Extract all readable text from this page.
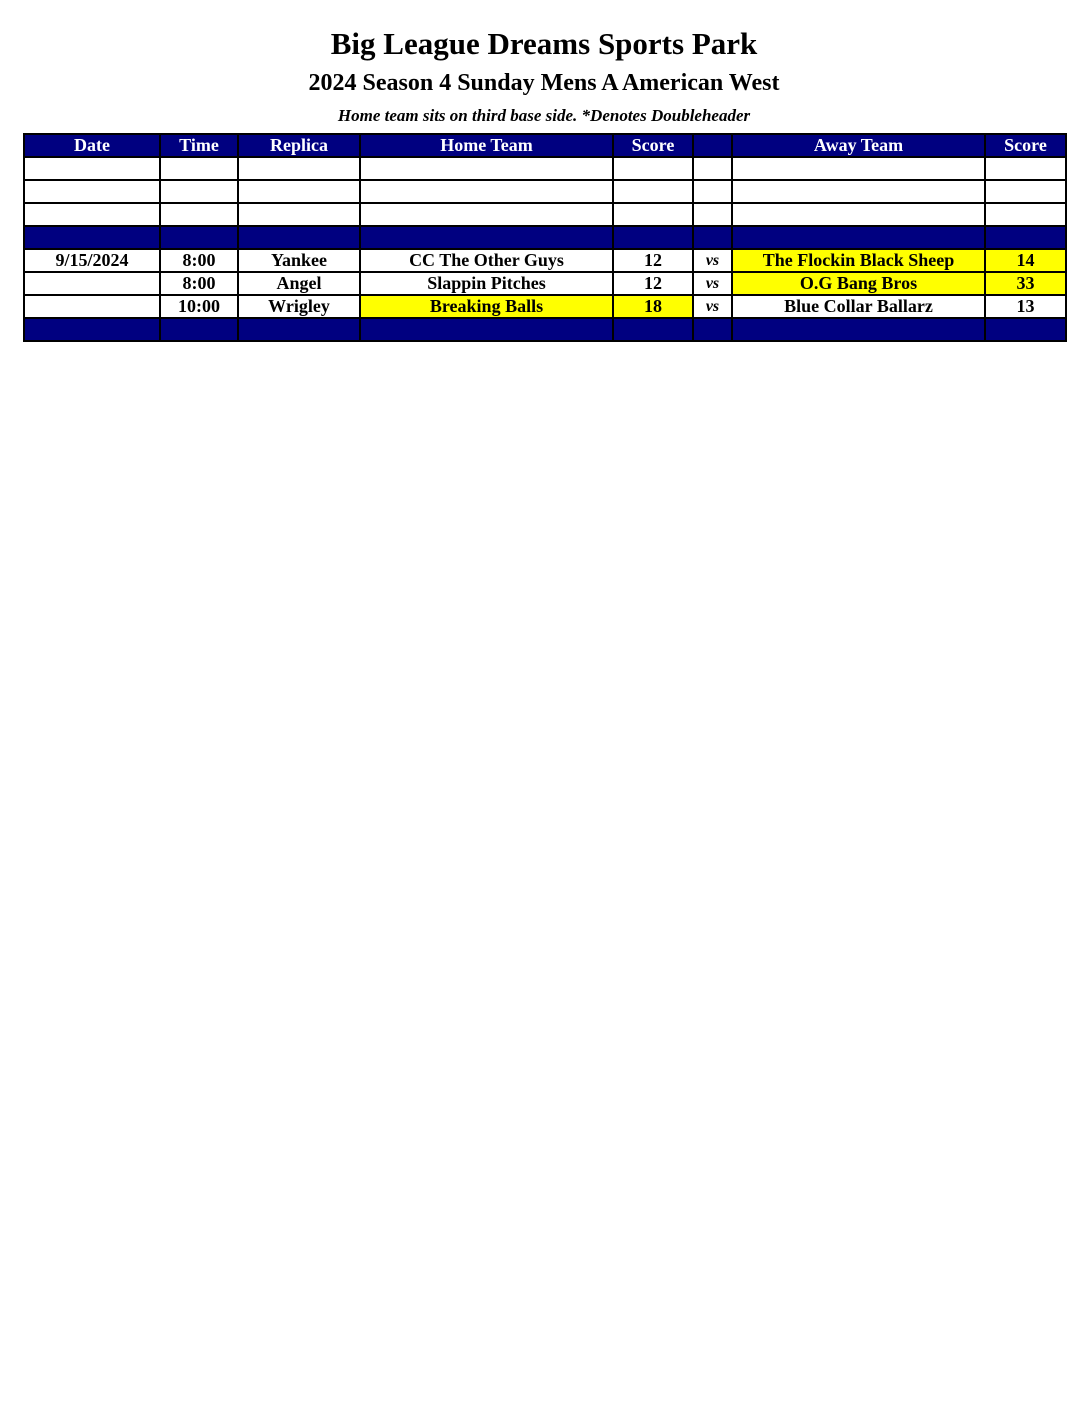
Big League Dreams Sports Park
2024 Season 4 Sunday Mens A American West
Home team sits on third base side. *Denotes Doubleheader
Date	Time	Replica	Home Team	Score		Away Team	Score

9/15/2024	8:00	Yankee	CC The Other Guys	12	vs	The Flockin Black Sheep	14
	8:00	Angel	Slappin Pitches	12	vs	O.G Bang Bros	33
	10:00	Wrigley	Breaking Balls	18	vs	Blue Collar Ballarz	13
